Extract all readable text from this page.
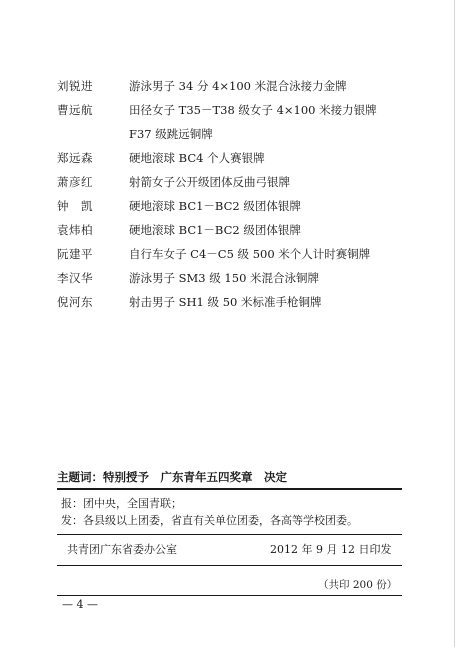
刘锐进	游泳男子 34 分 4×100 米混合泳接力金牌
曹远航	田径女子 T35－T38 级女子 4×100 米接力银牌
F37 级跳远铜牌
郑远森	硬地滚球 BC4 个人赛银牌
萧彦红	射箭女子公开级团体反曲弓银牌
钟　凯	硬地滚球 BC1－BC2 级团体银牌
袁炜柏	硬地滚球 BC1－BC2 级团体银牌
阮建平	自行车女子 C4－C5 级 500 米个人计时赛铜牌
李汉华	游泳男子 SM3 级 150 米混合泳铜牌
倪河东	射击男子 SH1 级 50 米标准手枪铜牌
主题词：特别授予　广东青年五四奖章　决定
报：团中央，全国青联；
发：各县级以上团委，省直有关单位团委，各高等学校团委。
共青团广东省委办公室	2012 年 9 月 12 日印发
（共印 200 份）
— 4 —
